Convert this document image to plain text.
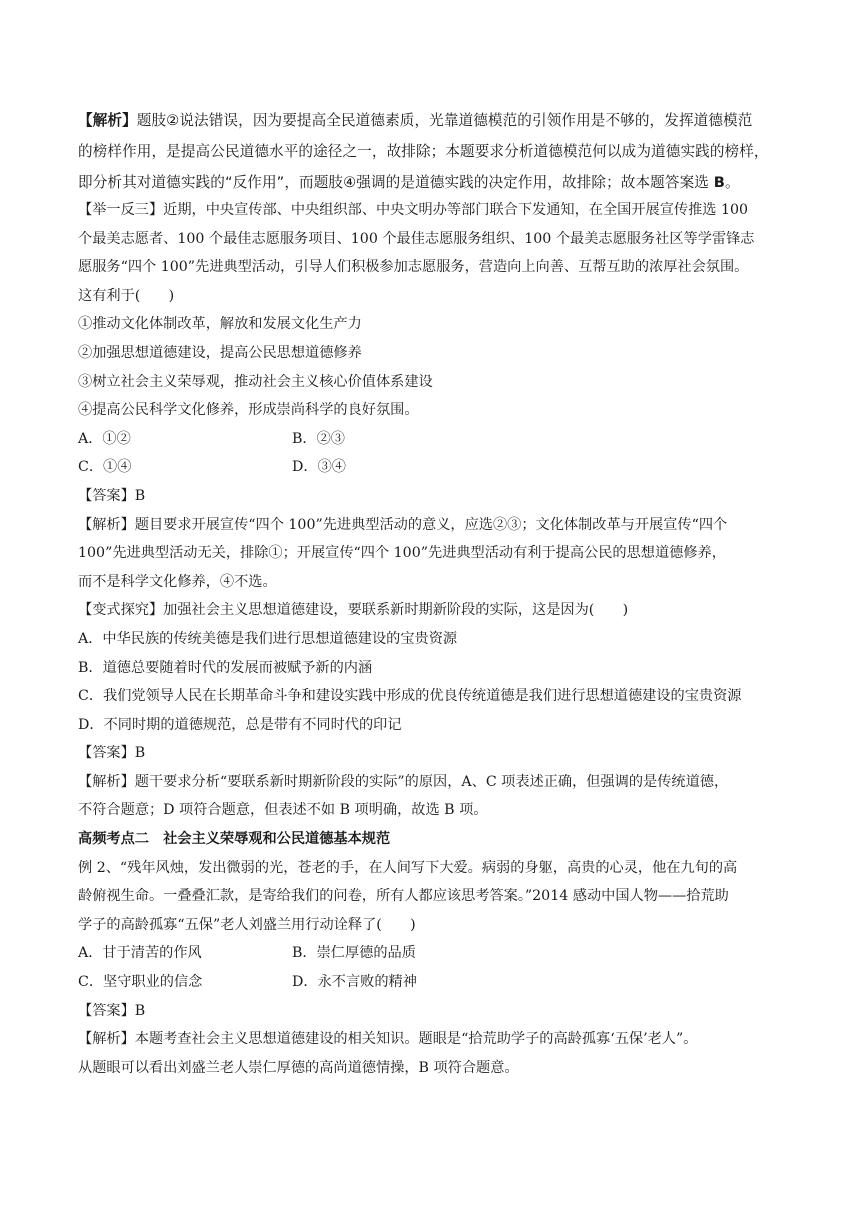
【解析】题肢②说法错误，因为要提高全民道德素质，光靠道德模范的引领作用是不够的，发挥道德模范
的榜样作用，是提高公民道德水平的途径之一，故排除；本题要求分析道德模范何以成为道德实践的榜样，
即分析其对道德实践的“反作用”，而题肢④强调的是道德实践的决定作用，故排除；故本题答案选 B。
【举一反三】近期，中央宣传部、中央组织部、中央文明办等部门联合下发通知，在全国开展宣传推选 100
个最美志愿者、100 个最佳志愿服务项目、100 个最佳志愿服务组织、100 个最美志愿服务社区等学雷锋志
愿服务“四个 100”先进典型活动，引导人们积极参加志愿服务，营造向上向善、互帮互助的浓厚社会氛围。
这有利于(　　)
①推动文化体制改革，解放和发展文化生产力
②加强思想道德建设，提高公民思想道德修养
③树立社会主义荣辱观，推动社会主义核心价值体系建设
④提高公民科学文化修养，形成崇尚科学的良好氛围。
A．①②	B．②③
C．①④	D．③④
【答案】B
【解析】题目要求开展宣传“四个 100”先进典型活动的意义，应选②③；文化体制改革与开展宣传“四个
100”先进典型活动无关，排除①；开展宣传“四个 100”先进典型活动有利于提高公民的思想道德修养，
而不是科学文化修养，④不选。
【变式探究】加强社会主义思想道德建设，要联系新时期新阶段的实际，这是因为(　　)
A．中华民族的传统美德是我们进行思想道德建设的宝贵资源
B．道德总要随着时代的发展而被赋予新的内涵
C．我们党领导人民在长期革命斗争和建设实践中形成的优良传统道德是我们进行思想道德建设的宝贵资源
D．不同时期的道德规范，总是带有不同时代的印记
【答案】B
【解析】题干要求分析“要联系新时期新阶段的实际”的原因，A、C 项表述正确，但强调的是传统道德，
不符合题意；D 项符合题意，但表述不如 B 项明确，故选 B 项。
高频考点二　社会主义荣辱观和公民道德基本规范
例 2、“残年风烛，发出微弱的光，苍老的手，在人间写下大爱。病弱的身躯，高贵的心灵，他在九旬的高
龄俯视生命。一叠叠汇款，是寄给我们的问卷，所有人都应该思考答案。”2014 感动中国人物——拾荒助
学子的高龄孤寡“五保”老人刘盛兰用行动诠释了(　　)
A．甘于清苦的作风	B．崇仁厚德的品质
C．坚守职业的信念	D．永不言败的精神
【答案】B
【解析】本题考查社会主义思想道德建设的相关知识。题眼是“拾荒助学子的高龄孤寡‘五保’老人”。
从题眼可以看出刘盛兰老人崇仁厚德的高尚道德情操，B 项符合题意。
